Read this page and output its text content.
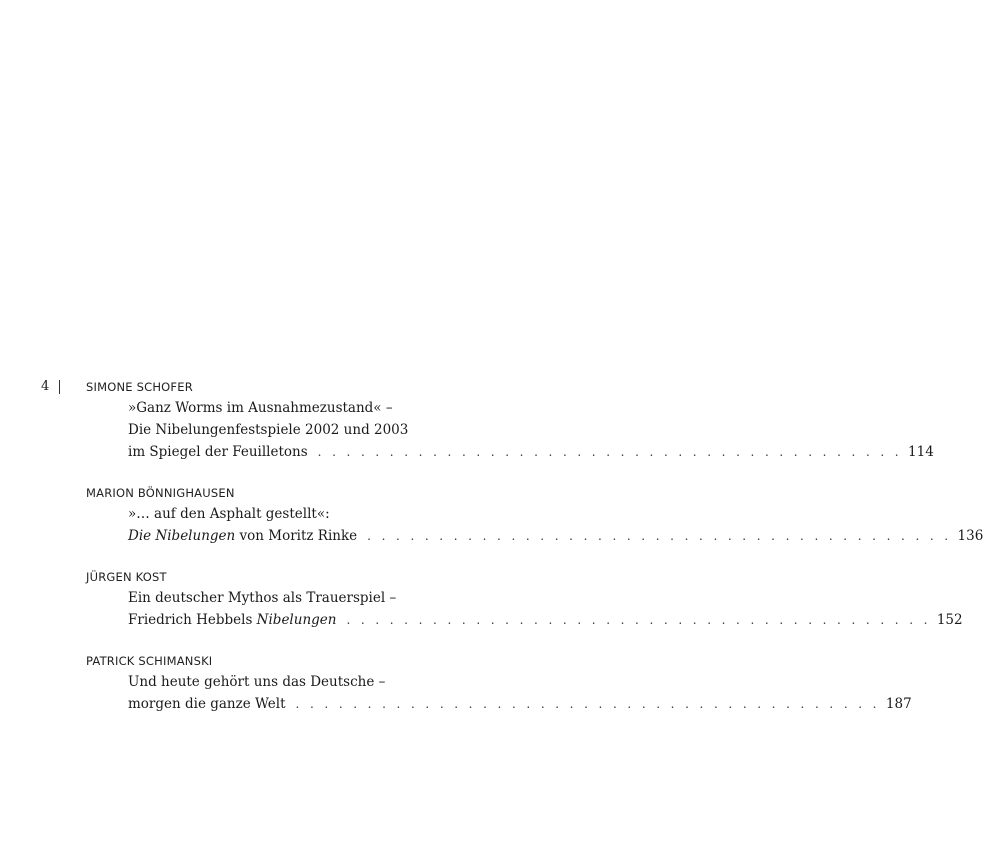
4	SIMONE SCHOFER
»Ganz Worms im Ausnahmezustand« –
Die Nibelungenfestspiele 2002 und 2003
im Spiegel der Feuilletons . . . . . . . . . . . . . . . . . . . . . . . . . . . . . . . . . . . . . . . . . 114
MARION BÖNNIGHAUSEN
»… auf den Asphalt gestellt«:
Die Nibelungen von Moritz Rinke . . . . . . . . . . . . . . . . . . . . . . . . . . . . . . . . . . . . . . . . . 136
JÜRGEN KOST
Ein deutscher Mythos als Trauerspiel –
Friedrich Hebbels Nibelungen . . . . . . . . . . . . . . . . . . . . . . . . . . . . . . . . . . . . . . . . . 152
PATRICK SCHIMANSKI
Und heute gehört uns das Deutsche –
morgen die ganze Welt . . . . . . . . . . . . . . . . . . . . . . . . . . . . . . . . . . . . . . . . . 187
